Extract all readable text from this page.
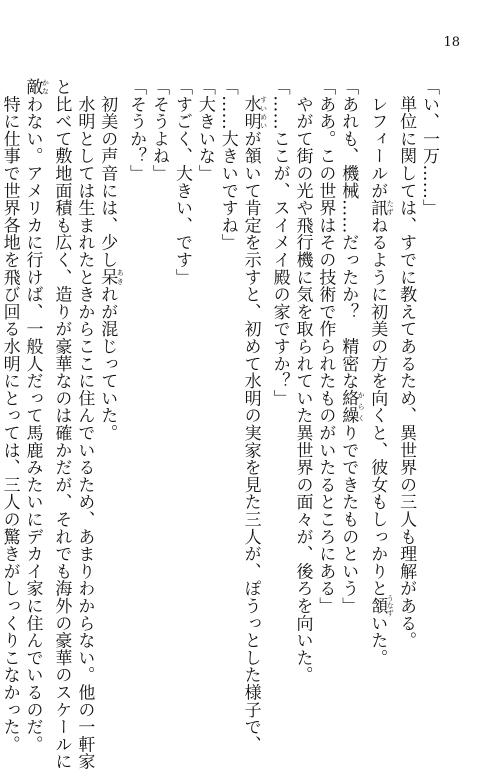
18
「い、一万……」
　単位に関しては、すでに教えてあるため、異世界の三人も理解がある。
　レフィールが訊 たずねるように初美の方を向くと、彼女もしっかりと頷 うなずいた。
「あれも、機械……だったか？　精密な絡繰 からくりでできたものという」
「ああ。この世界はその技術で作られたものがいたるところにある」
　やがて街の光や飛行機に気を取られていた異世界の面々が、後ろを向いた。
「……ここが、スイメイ殿の家ですか？」
　水明 すいめいが頷いて肯定を示すと、初めて水明の実家を見た三人が、ぽうっとした様子で、
「……大きいですね」
「大きいな」
「すごく、大きい、です」
「そうよね」
「そうか？」
　初美の声音には、少し呆 あきれが混じっていた。
　水明としては生まれたときからここに住んでいるため、あまりわからない。他の一軒家
と比べて敷地面積も広く、造りが豪華なのは確かだが、それでも海外の豪華のスケールに
敵 かなわない。アメリカに行けば、一般人だって馬鹿みたいにデカイ家に住んでいるのだ。
　特に仕事で世界各地を飛び回る水明にとっては、三人の驚きがしっくりこなかった。
